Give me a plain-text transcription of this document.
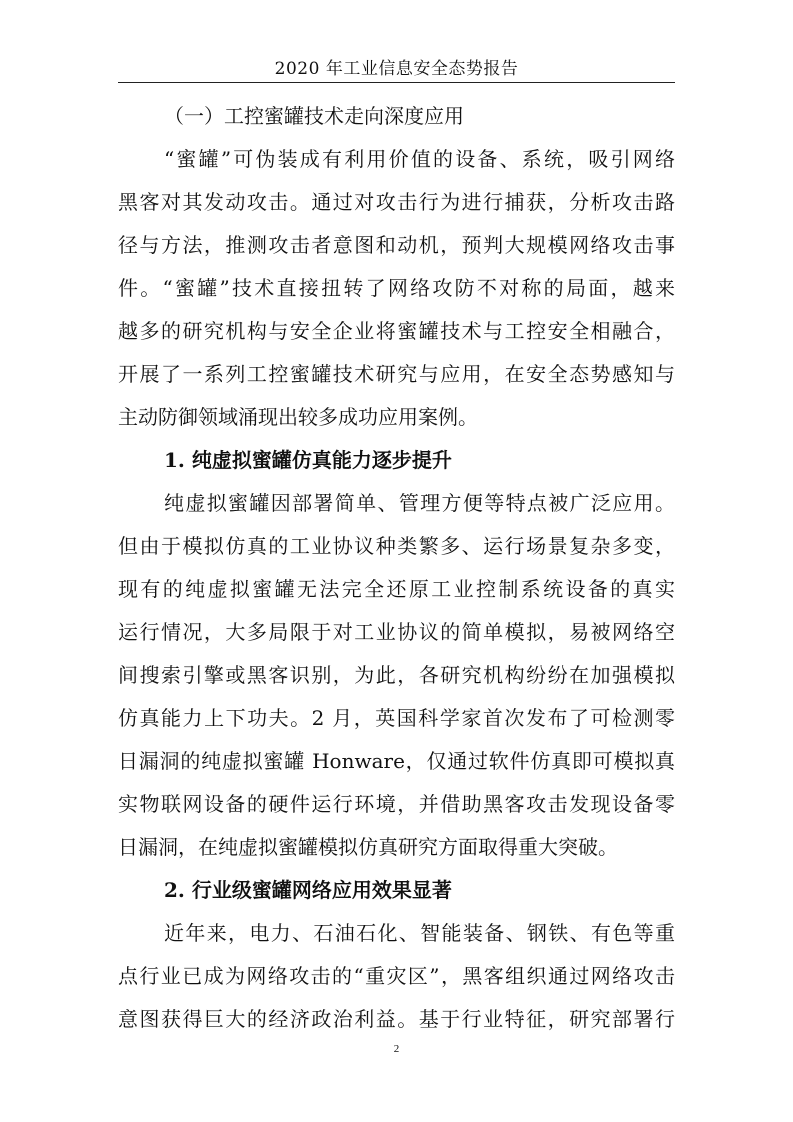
2020 年工业信息安全态势报告
（一）工控蜜罐技术走向深度应用
“蜜罐”可伪装成有利用价值的设备、系统，吸引网络
黑客对其发动攻击。通过对攻击行为进行捕获，分析攻击路
径与方法，推测攻击者意图和动机，预判大规模网络攻击事
件。“蜜罐”技术直接扭转了网络攻防不对称的局面，越来
越多的研究机构与安全企业将蜜罐技术与工控安全相融合，
开展了一系列工控蜜罐技术研究与应用，在安全态势感知与
主动防御领域涌现出较多成功应用案例。
1. 纯虚拟蜜罐仿真能力逐步提升
纯虚拟蜜罐因部署简单、管理方便等特点被广泛应用。
但由于模拟仿真的工业协议种类繁多、运行场景复杂多变，
现有的纯虚拟蜜罐无法完全还原工业控制系统设备的真实
运行情况，大多局限于对工业协议的简单模拟，易被网络空
间搜索引擎或黑客识别，为此，各研究机构纷纷在加强模拟
仿真能力上下功夫。2 月，英国科学家首次发布了可检测零
日漏洞的纯虚拟蜜罐 Honware，仅通过软件仿真即可模拟真
实物联网设备的硬件运行环境，并借助黑客攻击发现设备零
日漏洞，在纯虚拟蜜罐模拟仿真研究方面取得重大突破。
2. 行业级蜜罐网络应用效果显著
近年来，电力、石油石化、智能装备、钢铁、有色等重
点行业已成为网络攻击的“重灾区”，黑客组织通过网络攻击
意图获得巨大的经济政治利益。基于行业特征，研究部署行
2
